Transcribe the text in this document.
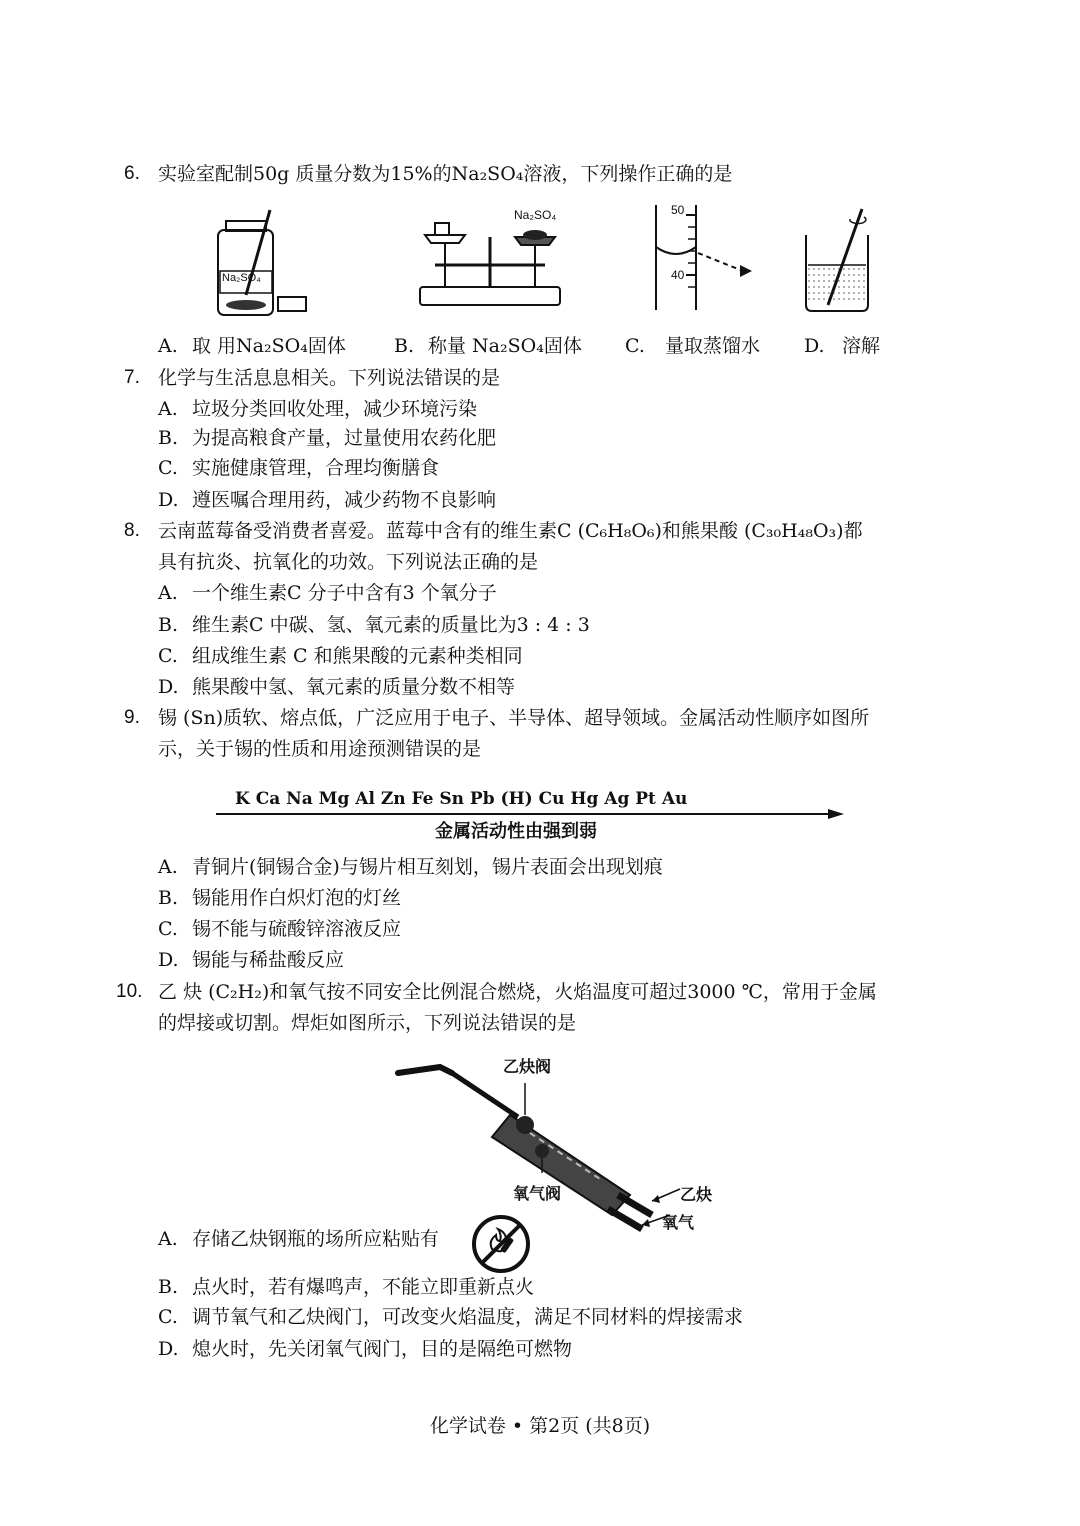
6. 实验室配制50g 质量分数为15%的Na₂SO₄溶液，下列操作正确的是
Na₂SO₄
Na₂SO₄	50
40
A. 取 用Na₂SO₄固体	B. 称量 Na₂SO₄固体 C. 量取蒸馏水 D. 溶解
7. 化学与生活息息相关。下列说法错误的是
A. 垃圾分类回收处理，减少环境污染
B. 为提高粮食产量，过量使用农药化肥
C. 实施健康管理，合理均衡膳食
D. 遵医嘱合理用药，减少药物不良影响
8. 云南蓝莓备受消费者喜爱。蓝莓中含有的维生素C (C₆H₈O₆)和熊果酸 (C₃₀H₄₈O₃)都
具有抗炎、抗氧化的功效。下列说法正确的是
A. 一个维生素C 分子中含有3 个氧分子
B. 维生素C 中碳、氢、氧元素的质量比为3 : 4 : 3
C. 组成维生素 C 和熊果酸的元素种类相同
D. 熊果酸中氢、氧元素的质量分数不相等
9. 锡 (Sn)质软、熔点低，广泛应用于电子、半导体、超导领域。金属活动性顺序如图所
示，关于锡的性质和用途预测错误的是
K Ca Na Mg Al Zn Fe Sn Pb (H) Cu Hg Ag Pt Au
金属活动性由强到弱
A. 青铜片(铜锡合金)与锡片相互刻划，锡片表面会出现划痕
B. 锡能用作白炽灯泡的灯丝
C. 锡不能与硫酸锌溶液反应
D. 锡能与稀盐酸反应
10. 乙 炔 (C₂H₂)和氧气按不同安全比例混合燃烧，火焰温度可超过3000 ℃，常用于金属
的焊接或切割。焊炬如图所示，下列说法错误的是
乙炔阀
氧气阀	乙炔
氧气
A. 存储乙炔钢瓶的场所应粘贴有
B. 点火时，若有爆鸣声，不能立即重新点火
C. 调节氧气和乙炔阀门，可改变火焰温度，满足不同材料的焊接需求
D. 熄火时，先关闭氧气阀门，目的是隔绝可燃物
化学试卷 • 第2页 (共8页)
